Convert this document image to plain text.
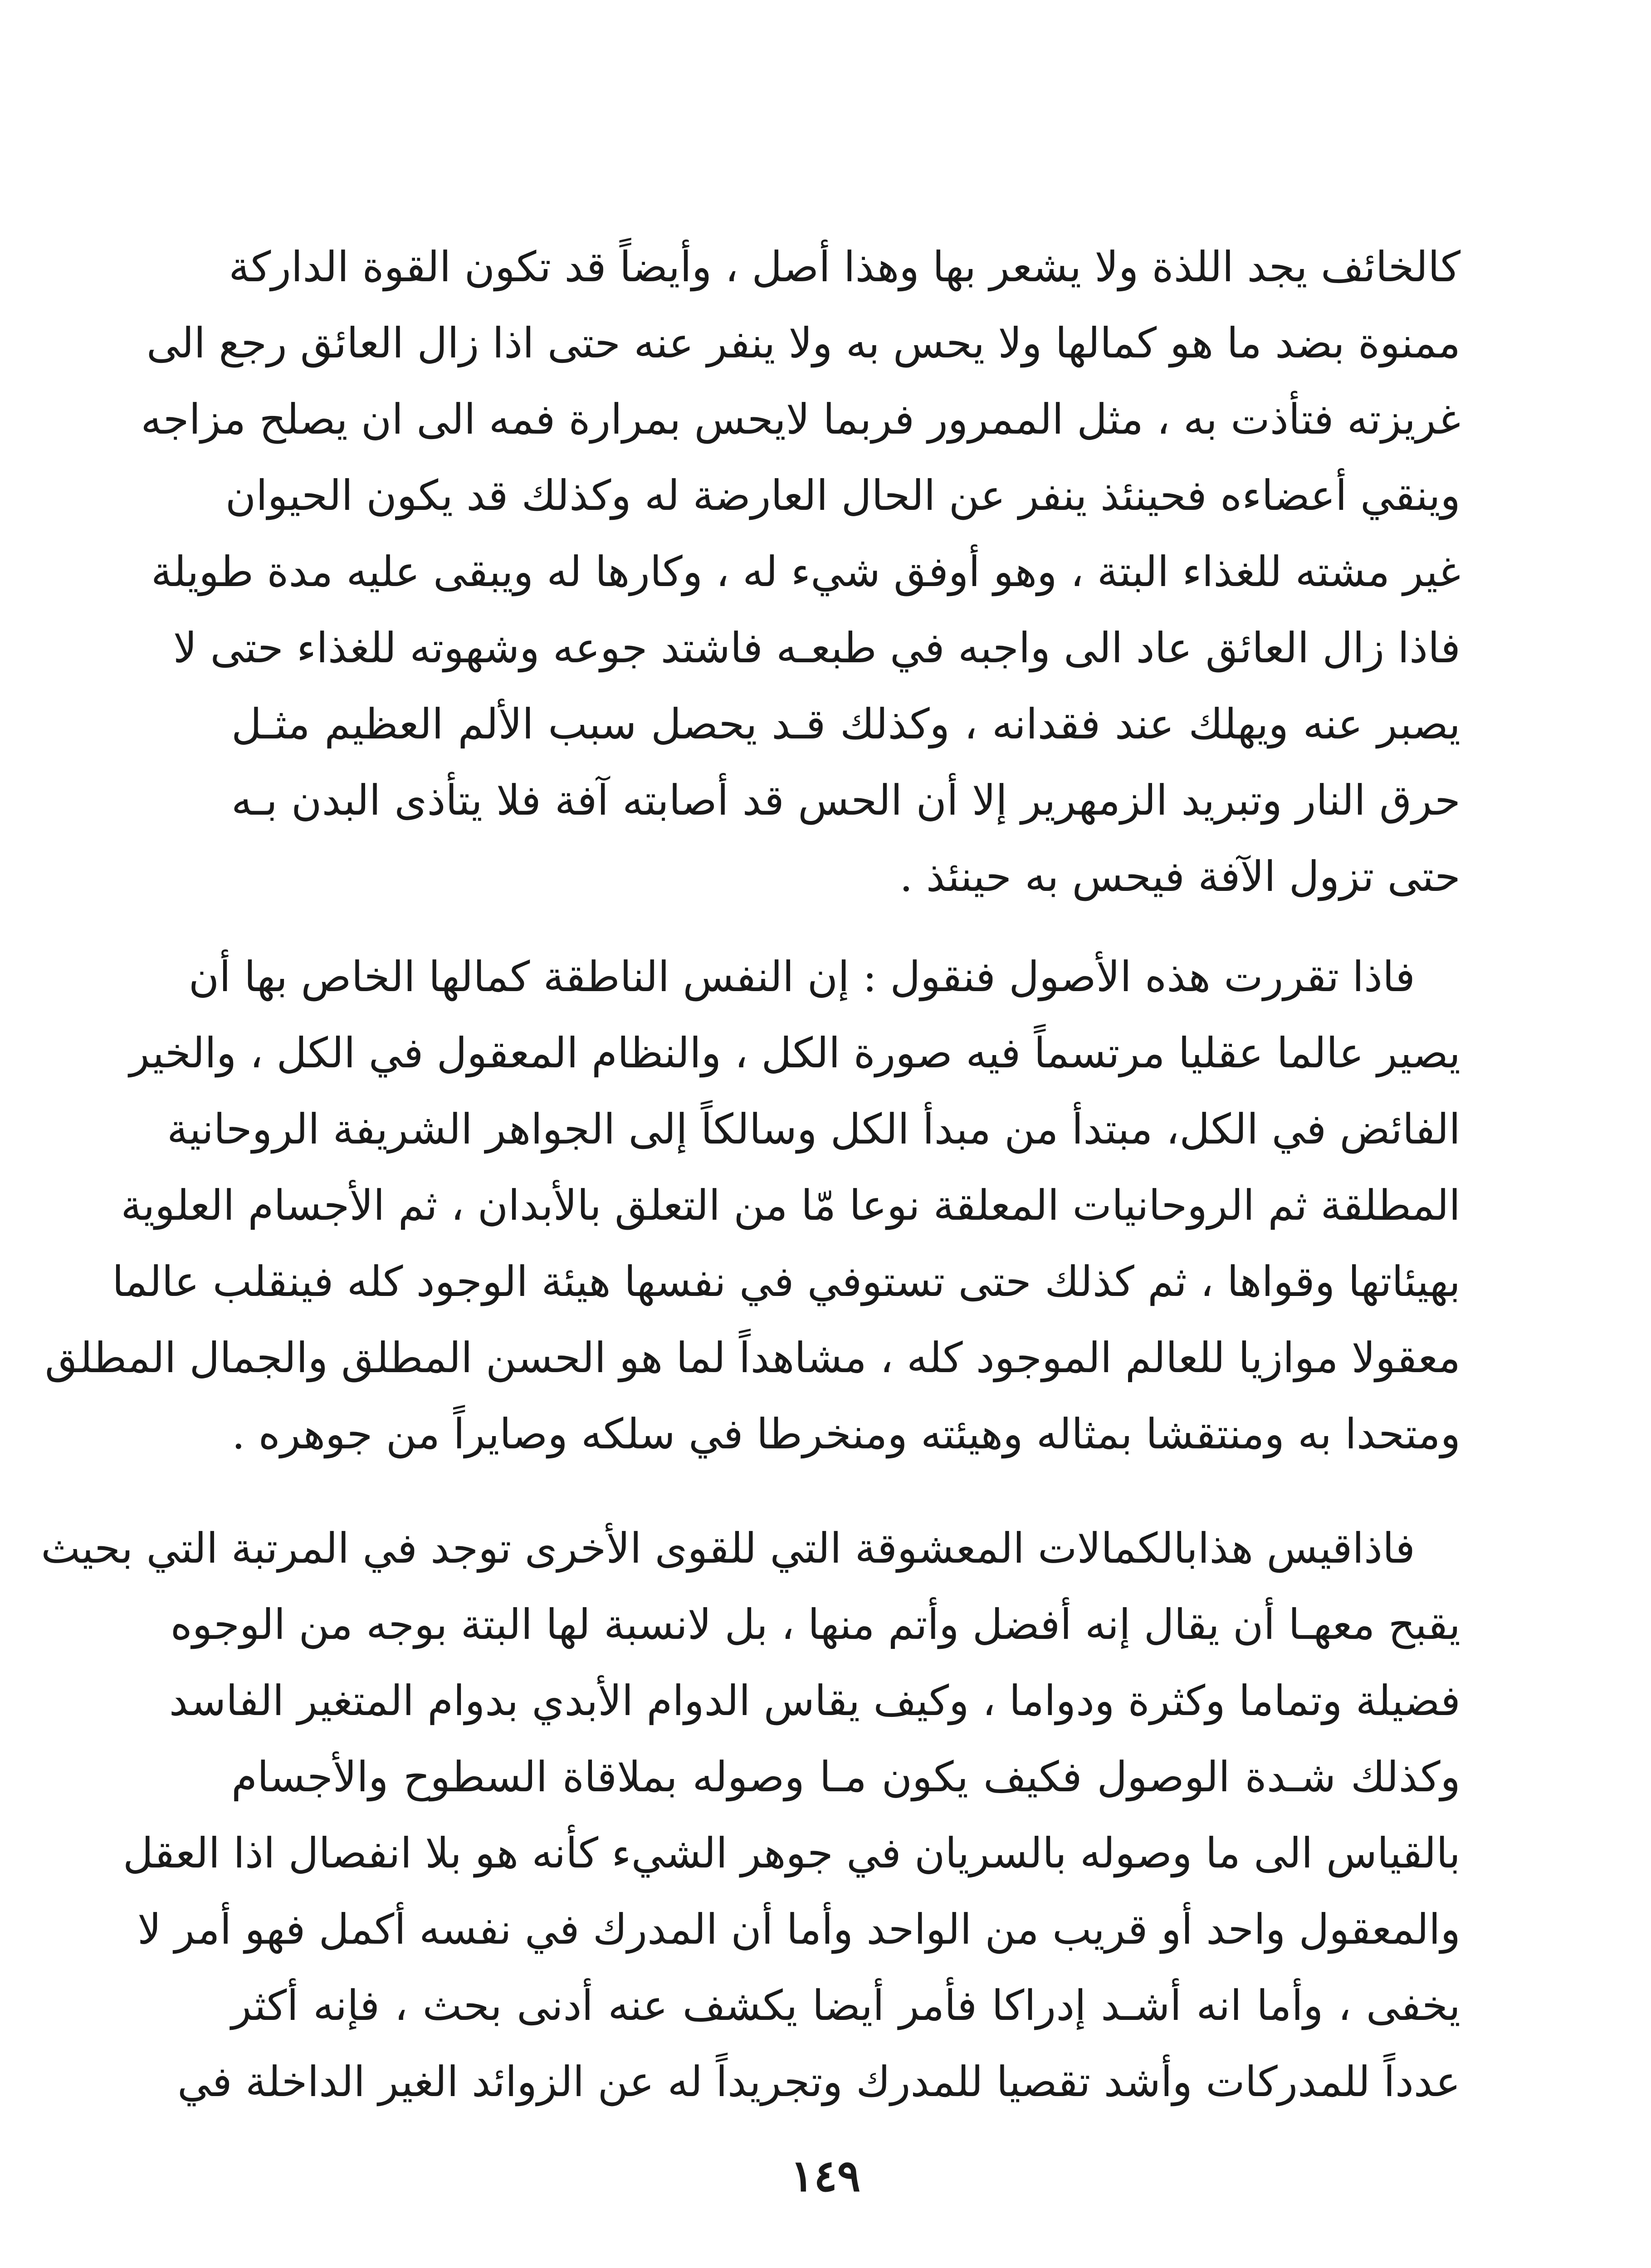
كالخائف يجد اللذة ولا يشعر بها وهذا أصل ، وأيضاً قد تكون القوة الدارکة
ممنوة بضد ما هو كمالها ولا يحس به ولا ينفر عنه حتى اذا زال العائق رجع الى
غريزته فتأذت به ، مثل الممرور فربما لايحس بمرارة فمه الى ان يصلح مزاجه
وينقي أعضاءه فحينئذ ينفر عن الحال العارضة له وكذلك قد يكون الحيوان
غير مشته للغذاء البتة ، وهو أوفق شيء له ، وكارها له ويبقى عليه مدة طويلة
فاذا زال العائق عاد الى واجبه في طبعـه فاشتد جوعه وشهوته للغذاء حتى لا
يصبر عنه ويهلك عند فقدانه ، وكذلك قـد يحصل سبب الألم العظيم مثـل
حرق النار وتبريد الزمهرير إلا أن الحس قد أصابته آفة فلا يتأذى البدن بـه
حتى تزول الآفة فيحس به حينئذ .
فاذا تقررت هذه الأصول فنقول : إن النفس الناطقة كمالها الخاص بها أن
يصير عالما عقليا مرتسماً فيه صورة الكل ، والنظام المعقول في الكل ، والخير
الفائض في الكل، مبتدأ من مبدأ الكل وسالكاً إلى الجواهر الشريفة الروحانية
المطلقة ثم الروحانيات المعلقة نوعا مّا من التعلق بالأبدان ، ثم الأجسام العلوية
بهيئاتها وقواها ، ثم كذلك حتى تستوفي في نفسها هيئة الوجود كله فينقلب عالما
معقولا موازيا للعالم الموجود كله ، مشاهداً لما هو الحسن المطلق والجمال المطلق
ومتحدا به ومنتقشا بمثاله وهيئته ومنخرطا في سلكه وصايراً من جوهره .
فاذاقيس هذابالكمالات المعشوقة التي للقوى الأخرى توجد في المرتبة التي بحيث
يقبح معهـا أن يقال إنه أفضل وأتم منها ، بل لانسبة لها البتة بوجه من الوجوه
فضيلة وتماما وكثرة ودواما ، وكيف يقاس الدوام الأبدي بدوام المتغير الفاسد
وكذلك شـدة الوصول فكيف يكون مـا وصوله بملاقاة السطوح والأجسام
بالقياس الى ما وصوله بالسريان في جوهر الشيء كأنه هو بلا انفصال اذا العقل
والمعقول واحد أو قريب من الواحد وأما أن المدرك في نفسه أكمل فهو أمر لا
يخفى ، وأما انه أشـد إدراكا فأمر أيضا يكشف عنه أدنى بحث ، فإنه أكثر
عدداً للمدركات وأشد تقصيا للمدرك وتجريداً له عن الزوائد الغير الداخلة في
١٤٩
